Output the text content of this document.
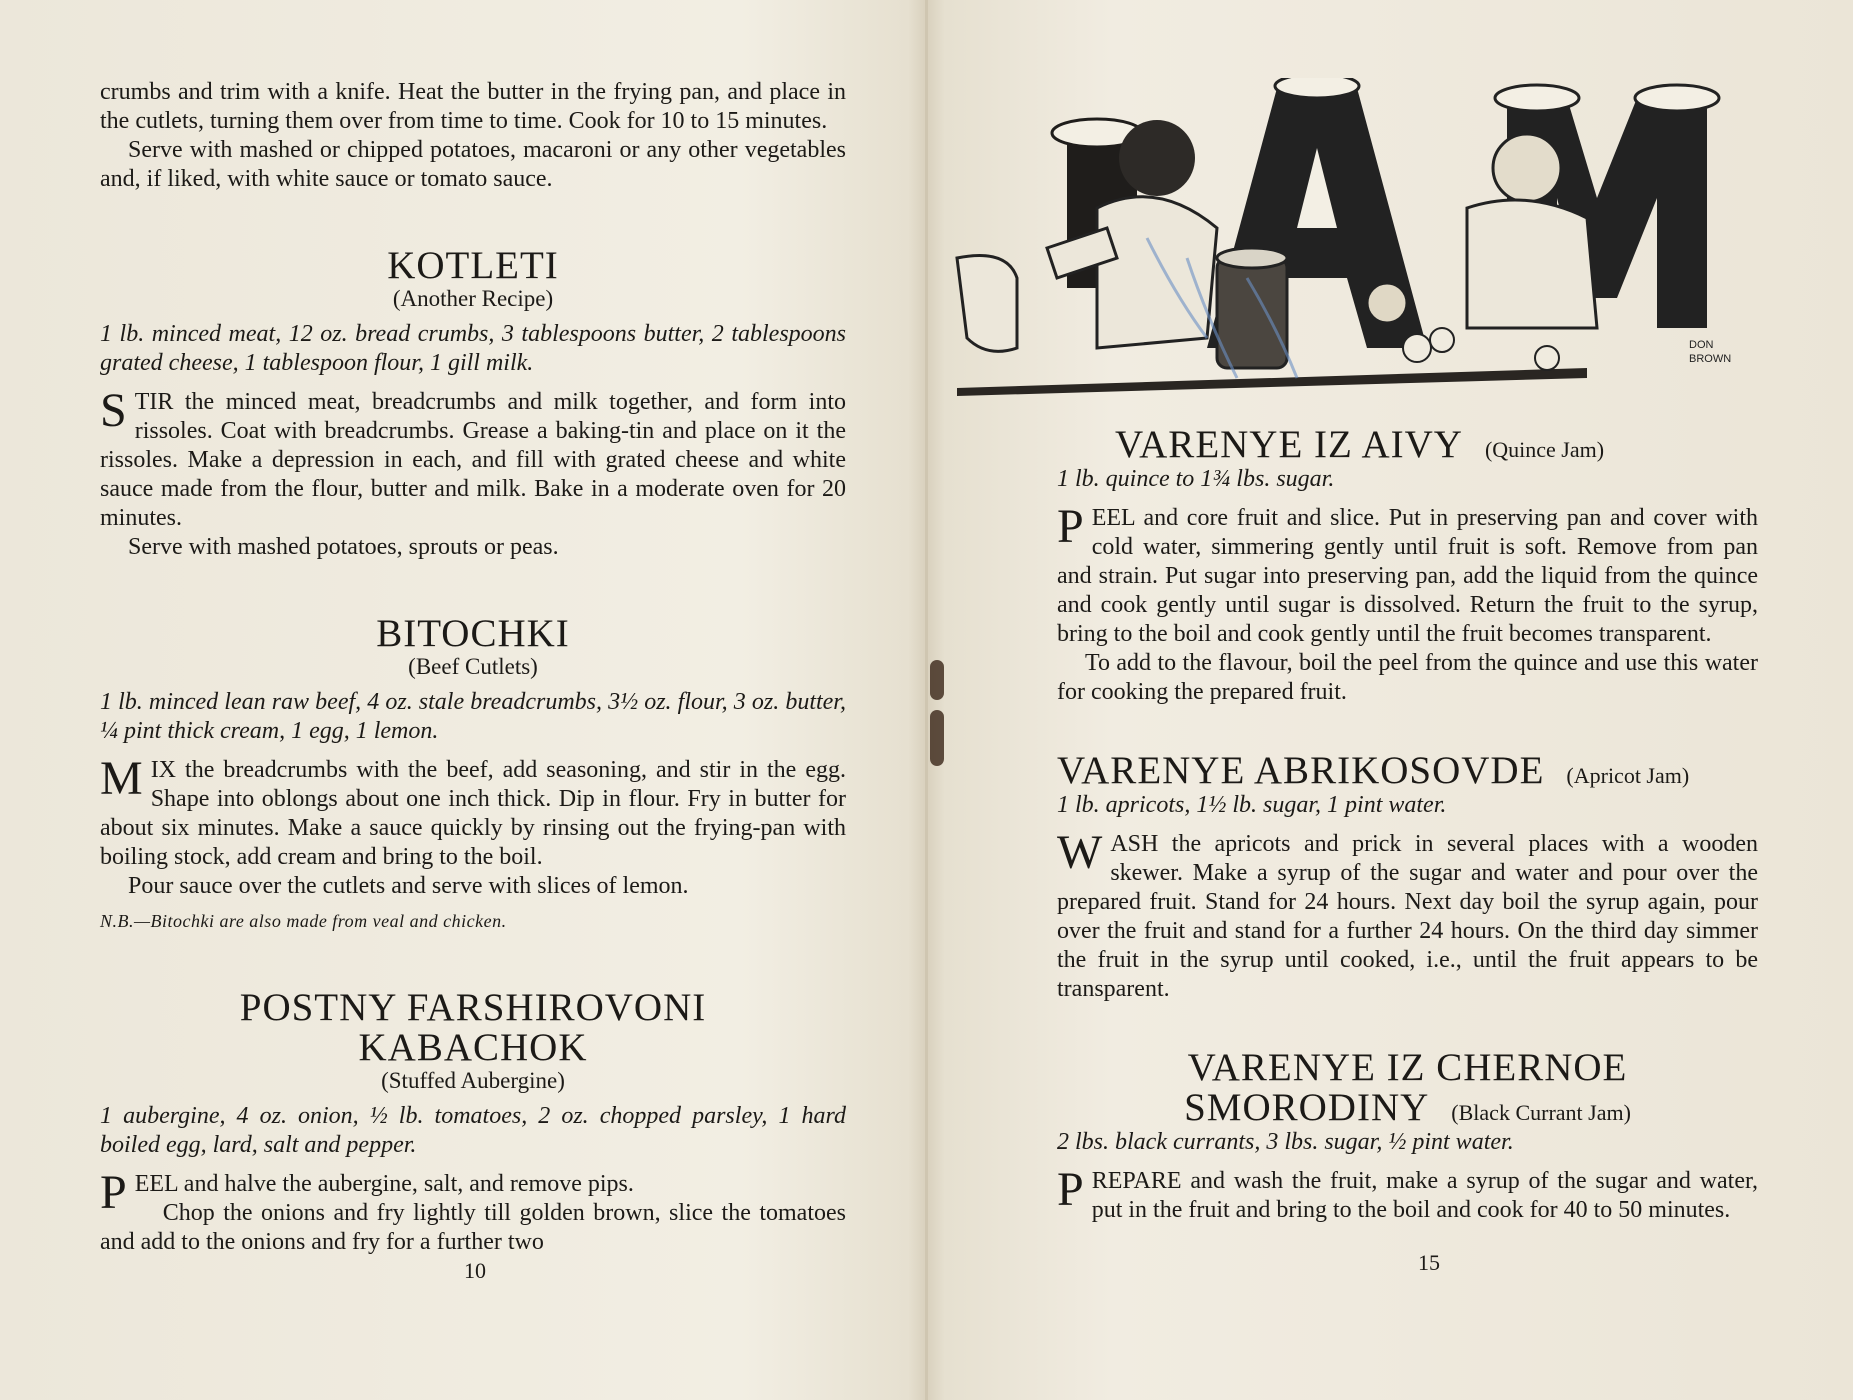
crumbs and trim with a knife. Heat the butter in the frying pan, and place in the cutlets, turning them over from time to time. Cook for 10 to 15 minutes.

Serve with mashed or chipped potatoes, macaroni or any other vegetables and, if liked, with white sauce or tomato sauce.

KOTLETI
(Another Recipe)

1 lb. minced meat, 12 oz. bread crumbs, 3 tablespoons butter, 2 tablespoons grated cheese, 1 tablespoon flour, 1 gill milk.

STIR the minced meat, breadcrumbs and milk together, and form into rissoles. Coat with breadcrumbs. Grease a baking-tin and place on it the rissoles. Make a depression in each, and fill with grated cheese and white sauce made from the flour, butter and milk. Bake in a moderate oven for 20 minutes.

Serve with mashed potatoes, sprouts or peas.

BITOCHKI
(Beef Cutlets)

1 lb. minced lean raw beef, 4 oz. stale breadcrumbs, 3½ oz. flour, 3 oz. butter, ¼ pint thick cream, 1 egg, 1 lemon.

MIX the breadcrumbs with the beef, add seasoning, and stir in the egg. Shape into oblongs about one inch thick. Dip in flour. Fry in butter for about six minutes. Make a sauce quickly by rinsing out the frying-pan with boiling stock, add cream and bring to the boil.

Pour sauce over the cutlets and serve with slices of lemon.

N.B.—Bitochki are also made from veal and chicken.

POSTNY FARSHIROVONI
KABACHOK
(Stuffed Aubergine)

1 aubergine, 4 oz. onion, ½ lb. tomatoes, 2 oz. chopped parsley, 1 hard boiled egg, lard, salt and pepper.

PEEL and halve the aubergine, salt, and remove pips.

Chop the onions and fry lightly till golden brown, slice the tomatoes and add to the onions and fry for a further two

10
DON
BROWN
VARENYE IZ AIVY (Quince Jam)

1 lb. quince to 1¾ lbs. sugar.

PEEL and core fruit and slice. Put in preserving pan and cover with cold water, simmering gently until fruit is soft. Remove from pan and strain. Put sugar into preserving pan, add the liquid from the quince and cook gently until sugar is dissolved. Return the fruit to the syrup, bring to the boil and cook gently until the fruit becomes transparent.

To add to the flavour, boil the peel from the quince and use this water for cooking the prepared fruit.

VARENYE ABRIKOSOVDE (Apricot Jam)

1 lb. apricots, 1½ lb. sugar, 1 pint water.

WASH the apricots and prick in several places with a wooden skewer. Make a syrup of the sugar and water and pour over the prepared fruit. Stand for 24 hours. Next day boil the syrup again, pour over the fruit and stand for a further 24 hours. On the third day simmer the fruit in the syrup until cooked, i.e., until the fruit appears to be transparent.

VARENYE IZ CHERNOE
SMORODINY (Black Currant Jam)

2 lbs. black currants, 3 lbs. sugar, ½ pint water.

PREPARE and wash the fruit, make a syrup of the sugar and water, put in the fruit and bring to the boil and cook for 40 to 50 minutes.

15
